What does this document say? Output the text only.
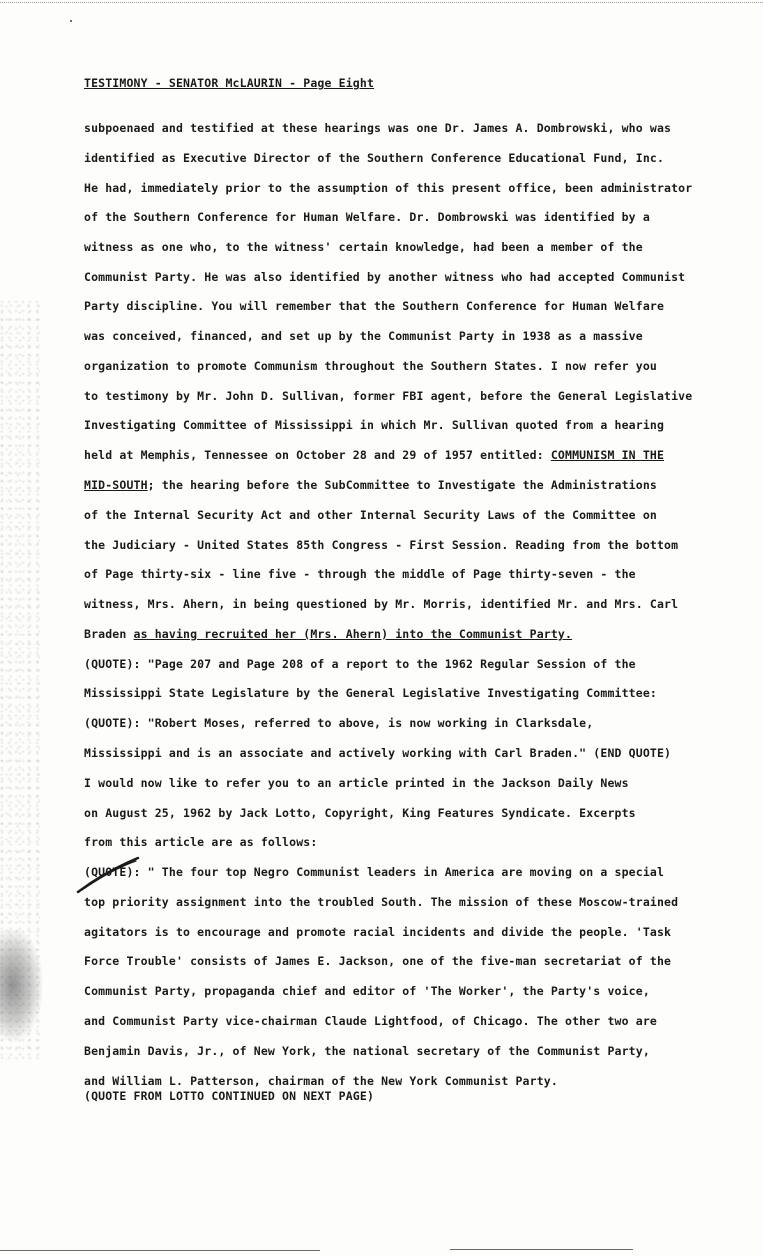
TESTIMONY - SENATOR McLAURIN - Page Eight
subpoenaed and testified at these hearings was one Dr. James A. Dombrowski, who was
identified as Executive Director of the Southern Conference Educational Fund, Inc.
He had, immediately prior to the assumption of this present office, been administrator
of the Southern Conference for Human Welfare. Dr. Dombrowski was identified by a
witness as one who, to the witness' certain knowledge, had been a member of the
Communist Party. He was also identified by another witness who had accepted Communist
Party discipline. You will remember that the Southern Conference for Human Welfare
was conceived, financed, and set up by the Communist Party in 1938 as a massive
organization to promote Communism throughout the Southern States. I now refer you
to testimony by Mr. John D. Sullivan, former FBI agent, before the General Legislative
Investigating Committee of Mississippi in which Mr. Sullivan quoted from a hearing
held at Memphis, Tennessee on October 28 and 29 of 1957 entitled: COMMUNISM IN THE
MID-SOUTH; the hearing before the SubCommittee to Investigate the Administrations
of the Internal Security Act and other Internal Security Laws of the Committee on
the Judiciary - United States 85th Congress - First Session. Reading from the bottom
of Page thirty-six - line five - through the middle of Page thirty-seven - the
witness, Mrs. Ahern, in being questioned by Mr. Morris, identified Mr. and Mrs. Carl
Braden as having recruited her (Mrs. Ahern) into the Communist Party.
(QUOTE): "Page 207 and Page 208 of a report to the 1962 Regular Session of the
Mississippi State Legislature by the General Legislative Investigating Committee:
(QUOTE): "Robert Moses, referred to above, is now working in Clarksdale,
Mississippi and is an associate and actively working with Carl Braden." (END QUOTE)
I would now like to refer you to an article printed in the Jackson Daily News
on August 25, 1962 by Jack Lotto, Copyright, King Features Syndicate. Excerpts
from this article are as follows:
(QUOTE): " The four top Negro Communist leaders in America are moving on a special
top priority assignment into the troubled South. The mission of these Moscow-trained
agitators is to encourage and promote racial incidents and divide the people. 'Task
Force Trouble' consists of James E. Jackson, one of the five-man secretariat of the
Communist Party, propaganda chief and editor of 'The Worker', the Party's voice,
and Communist Party vice-chairman Claude Lightfood, of Chicago. The other two are
Benjamin Davis, Jr., of New York, the national secretary of the Communist Party,
and William L. Patterson, chairman of the New York Communist Party.
(QUOTE FROM LOTTO CONTINUED ON NEXT PAGE)
